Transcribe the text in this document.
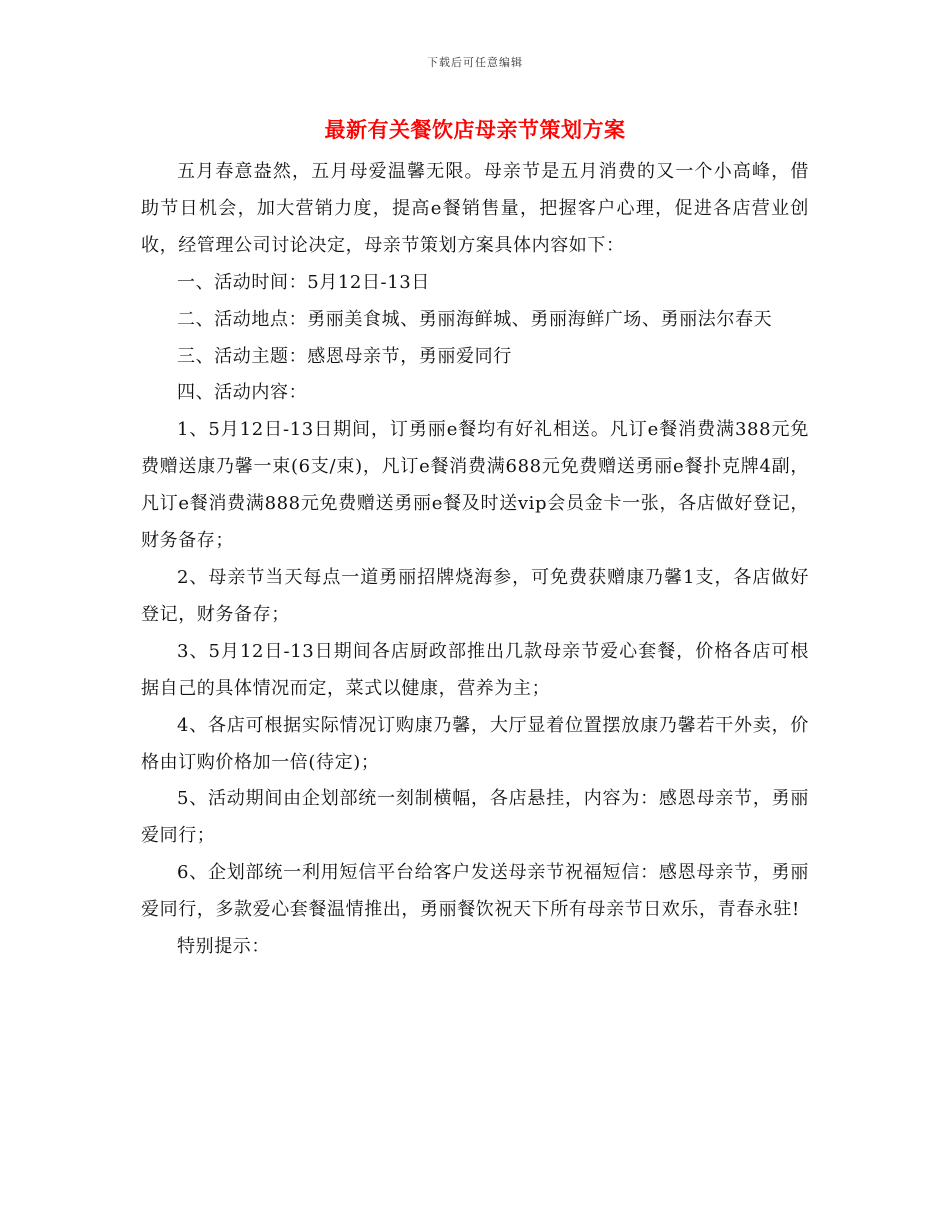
下载后可任意编辑
最新有关餐饮店母亲节策划方案

五月春意盎然，五月母爱温馨无限。母亲节是五月消费的又一个小高峰，借助节日机会，加大营销力度，提高e餐销售量，把握客户心理，促进各店营业创收，经管理公司讨论决定，母亲节策划方案具体内容如下：

一、活动时间：5月12日-13日

二、活动地点：勇丽美食城、勇丽海鲜城、勇丽海鲜广场、勇丽法尔春天

三、活动主题：感恩母亲节，勇丽爱同行

四、活动内容：

1、5月12日-13日期间，订勇丽e餐均有好礼相送。凡订e餐消费满388元免费赠送康乃馨一束(6支/束)，凡订e餐消费满688元免费赠送勇丽e餐扑克牌4副，凡订e餐消费满888元免费赠送勇丽e餐及时送vip会员金卡一张，各店做好登记，财务备存；

2、母亲节当天每点一道勇丽招牌烧海参，可免费获赠康乃馨1支，各店做好登记，财务备存；

3、5月12日-13日期间各店厨政部推出几款母亲节爱心套餐，价格各店可根据自己的具体情况而定，菜式以健康，营养为主；

4、各店可根据实际情况订购康乃馨，大厅显着位置摆放康乃馨若干外卖，价格由订购价格加一倍(待定)；

5、活动期间由企划部统一刻制横幅，各店悬挂，内容为：感恩母亲节，勇丽爱同行；

6、企划部统一利用短信平台给客户发送母亲节祝福短信：感恩母亲节，勇丽爱同行，多款爱心套餐温情推出，勇丽餐饮祝天下所有母亲节日欢乐，青春永驻!

特别提示：
